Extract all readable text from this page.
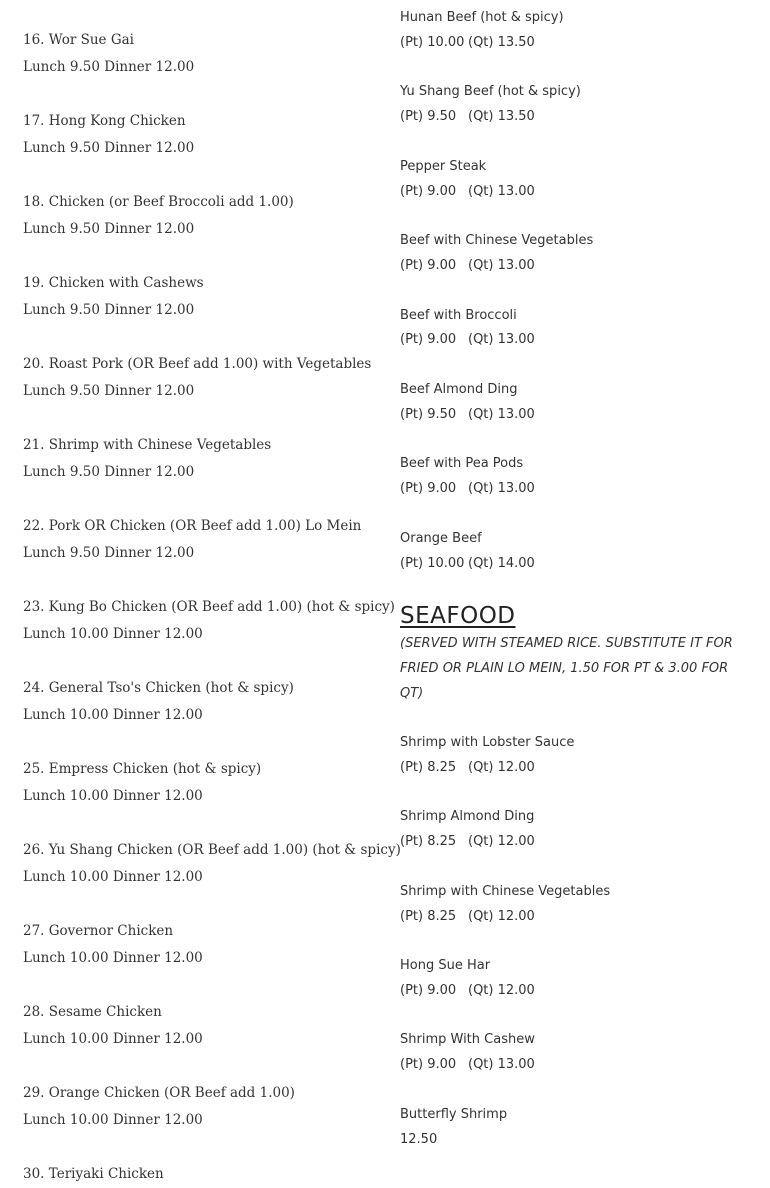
16. Wor Sue Gai
Lunch 9.50 Dinner 12.00
17. Hong Kong Chicken
Lunch 9.50 Dinner 12.00
18. Chicken (or Beef Broccoli add 1.00)
Lunch 9.50 Dinner 12.00
19. Chicken with Cashews
Lunch 9.50 Dinner 12.00
20. Roast Pork (OR Beef add 1.00) with Vegetables
Lunch 9.50 Dinner 12.00
21. Shrimp with Chinese Vegetables
Lunch 9.50 Dinner 12.00
22. Pork OR Chicken (OR Beef add 1.00) Lo Mein
Lunch 9.50 Dinner 12.00
23. Kung Bo Chicken (OR Beef add 1.00) (hot & spicy)
Lunch 10.00 Dinner 12.00
24. General Tso's Chicken (hot & spicy)
Lunch 10.00 Dinner 12.00
25. Empress Chicken (hot & spicy)
Lunch 10.00 Dinner 12.00
26. Yu Shang Chicken (OR Beef add 1.00) (hot & spicy)
Lunch 10.00 Dinner 12.00
27. Governor Chicken
Lunch 10.00 Dinner 12.00
28. Sesame Chicken
Lunch 10.00 Dinner 12.00
29. Orange Chicken (OR Beef add 1.00)
Lunch 10.00 Dinner 12.00
30. Teriyaki Chicken
Hunan Beef (hot & spicy)
(Pt) 10.00 (Qt) 13.50
Yu Shang Beef (hot & spicy)
(Pt) 9.50 (Qt) 13.50
Pepper Steak
(Pt) 9.00 (Qt) 13.00
Beef with Chinese Vegetables
(Pt) 9.00 (Qt) 13.00
Beef with Broccoli
(Pt) 9.00 (Qt) 13.00
Beef Almond Ding
(Pt) 9.50 (Qt) 13.00
Beef with Pea Pods
(Pt) 9.00 (Qt) 13.00
Orange Beef
(Pt) 10.00 (Qt) 14.00
SEAFOOD
(SERVED WITH STEAMED RICE. SUBSTITUTE IT FOR FRIED OR PLAIN LO MEIN, 1.50 FOR PT & 3.00 FOR QT)
Shrimp with Lobster Sauce
(Pt) 8.25 (Qt) 12.00
Shrimp Almond Ding
(Pt) 8.25 (Qt) 12.00
Shrimp with Chinese Vegetables
(Pt) 8.25 (Qt) 12.00
Hong Sue Har
(Pt) 9.00 (Qt) 12.00
Shrimp With Cashew
(Pt) 9.00 (Qt) 13.00
Butterfly Shrimp
12.50
